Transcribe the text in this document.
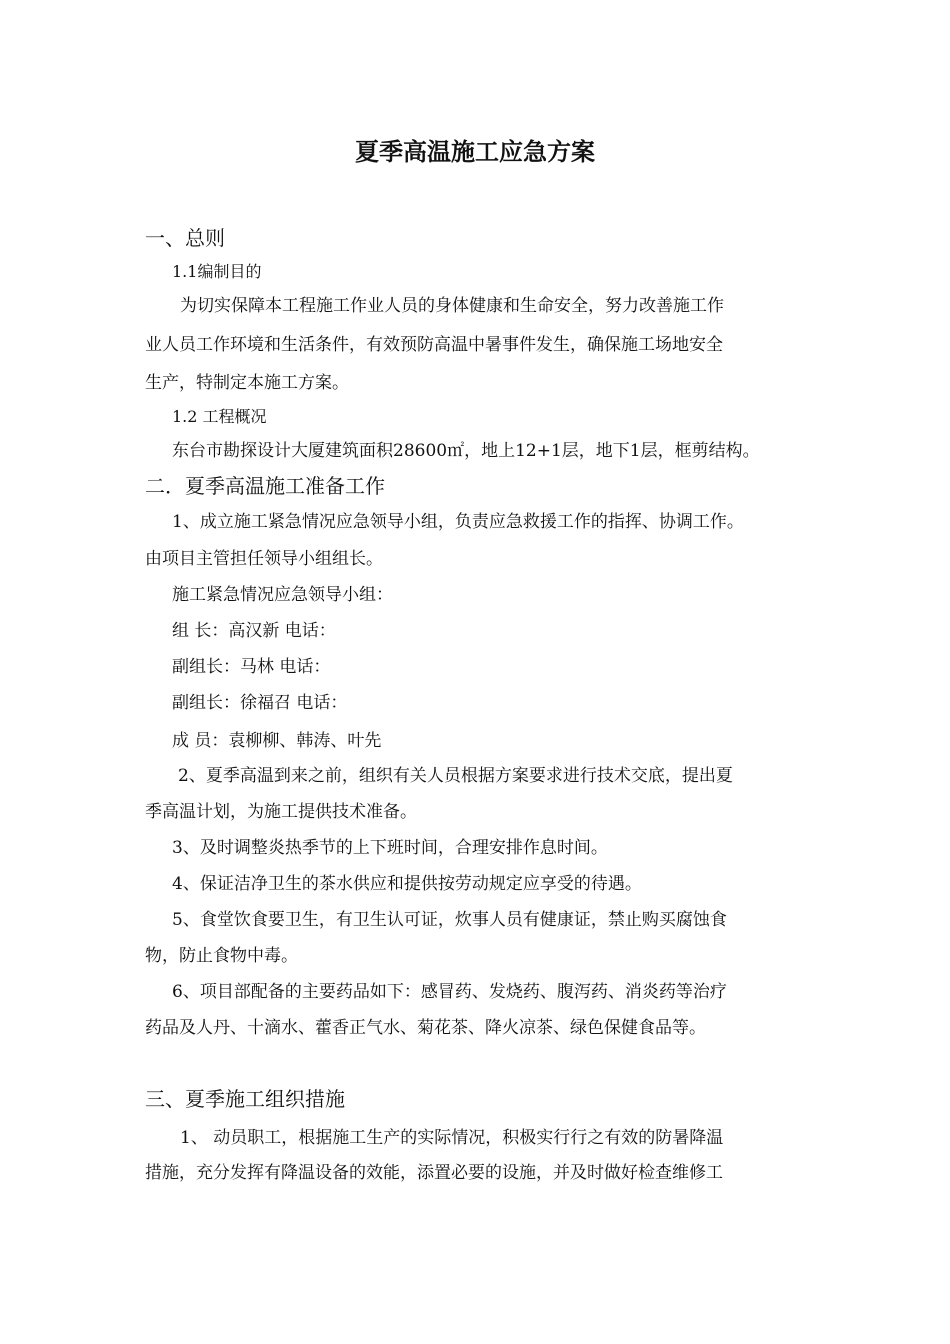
夏季高温施工应急方案
一、总则
1.1编制目的
为切实保障本工程施工作业人员的身体健康和生命安全，努力改善施工作
业人员工作环境和生活条件，有效预防高温中暑事件发生，确保施工场地安全
生产，特制定本施工方案。
1.2 工程概况
东台市勘探设计大厦建筑面积28600㎡，地上12+1层，地下1层，框剪结构。
二．夏季高温施工准备工作
1、成立施工紧急情况应急领导小组，负责应急救援工作的指挥、协调工作。
由项目主管担任领导小组组长。
施工紧急情况应急领导小组：
组 长：高汉新 电话：
副组长：马林 电话：
副组长：徐福召 电话：
成 员：袁柳柳、韩涛、叶先
2、夏季高温到来之前，组织有关人员根据方案要求进行技术交底，提出夏
季高温计划，为施工提供技术准备。
3、及时调整炎热季节的上下班时间，合理安排作息时间。
4、保证洁净卫生的茶水供应和提供按劳动规定应享受的待遇。
5、食堂饮食要卫生，有卫生认可证，炊事人员有健康证，禁止购买腐蚀食
物，防止食物中毒。
6、项目部配备的主要药品如下：感冒药、发烧药、腹泻药、消炎药等治疗
药品及人丹、十滴水、藿香正气水、菊花茶、降火凉茶、绿色保健食品等。
三、夏季施工组织措施
1、 动员职工，根据施工生产的实际情况，积极实行行之有效的防暑降温
措施，充分发挥有降温设备的效能，添置必要的设施，并及时做好检查维修工
